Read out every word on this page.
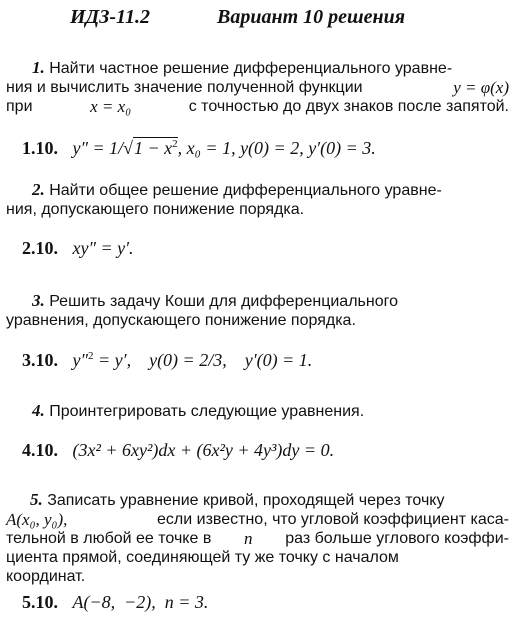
ИДЗ-11.2	Вариант 10 решения
1. Найти частное решение дифференциального уравне-
ния и вычислить значение полученной функции	y = φ(x)
при	x = x₀	с точностью до двух знаков после запятой.
1.10. $y'' = 1/√1 - x^2$, x₀ = 1, y(0) = 2, y′(0) = 3.
2. Найти общее решение дифференциального уравне-
ния, допускающего понижение порядка.
2.10. xy″ = y′.
3. Решить задачу Коши для дифференциального
уравнения, допускающего понижение порядка.
3.10. y″$^2$ = y′,    y(0) = 2/3,    y′(0) = 1.
4. Проинтегрировать следующие уравнения.
4.10. (3x² + 6xy²)dx + (6x²y + 4y³)dy = 0.
5. Записать уравнение кривой, проходящей через точку
A(x₀, y₀),	если известно, что угловой коэффициент каса-
тельной в любой ее точке в n раз больше углового коэффи-
циента прямой, соединяющей ту же точку с началом
координат.
5.10. A(−8,  −2),  n = 3.
